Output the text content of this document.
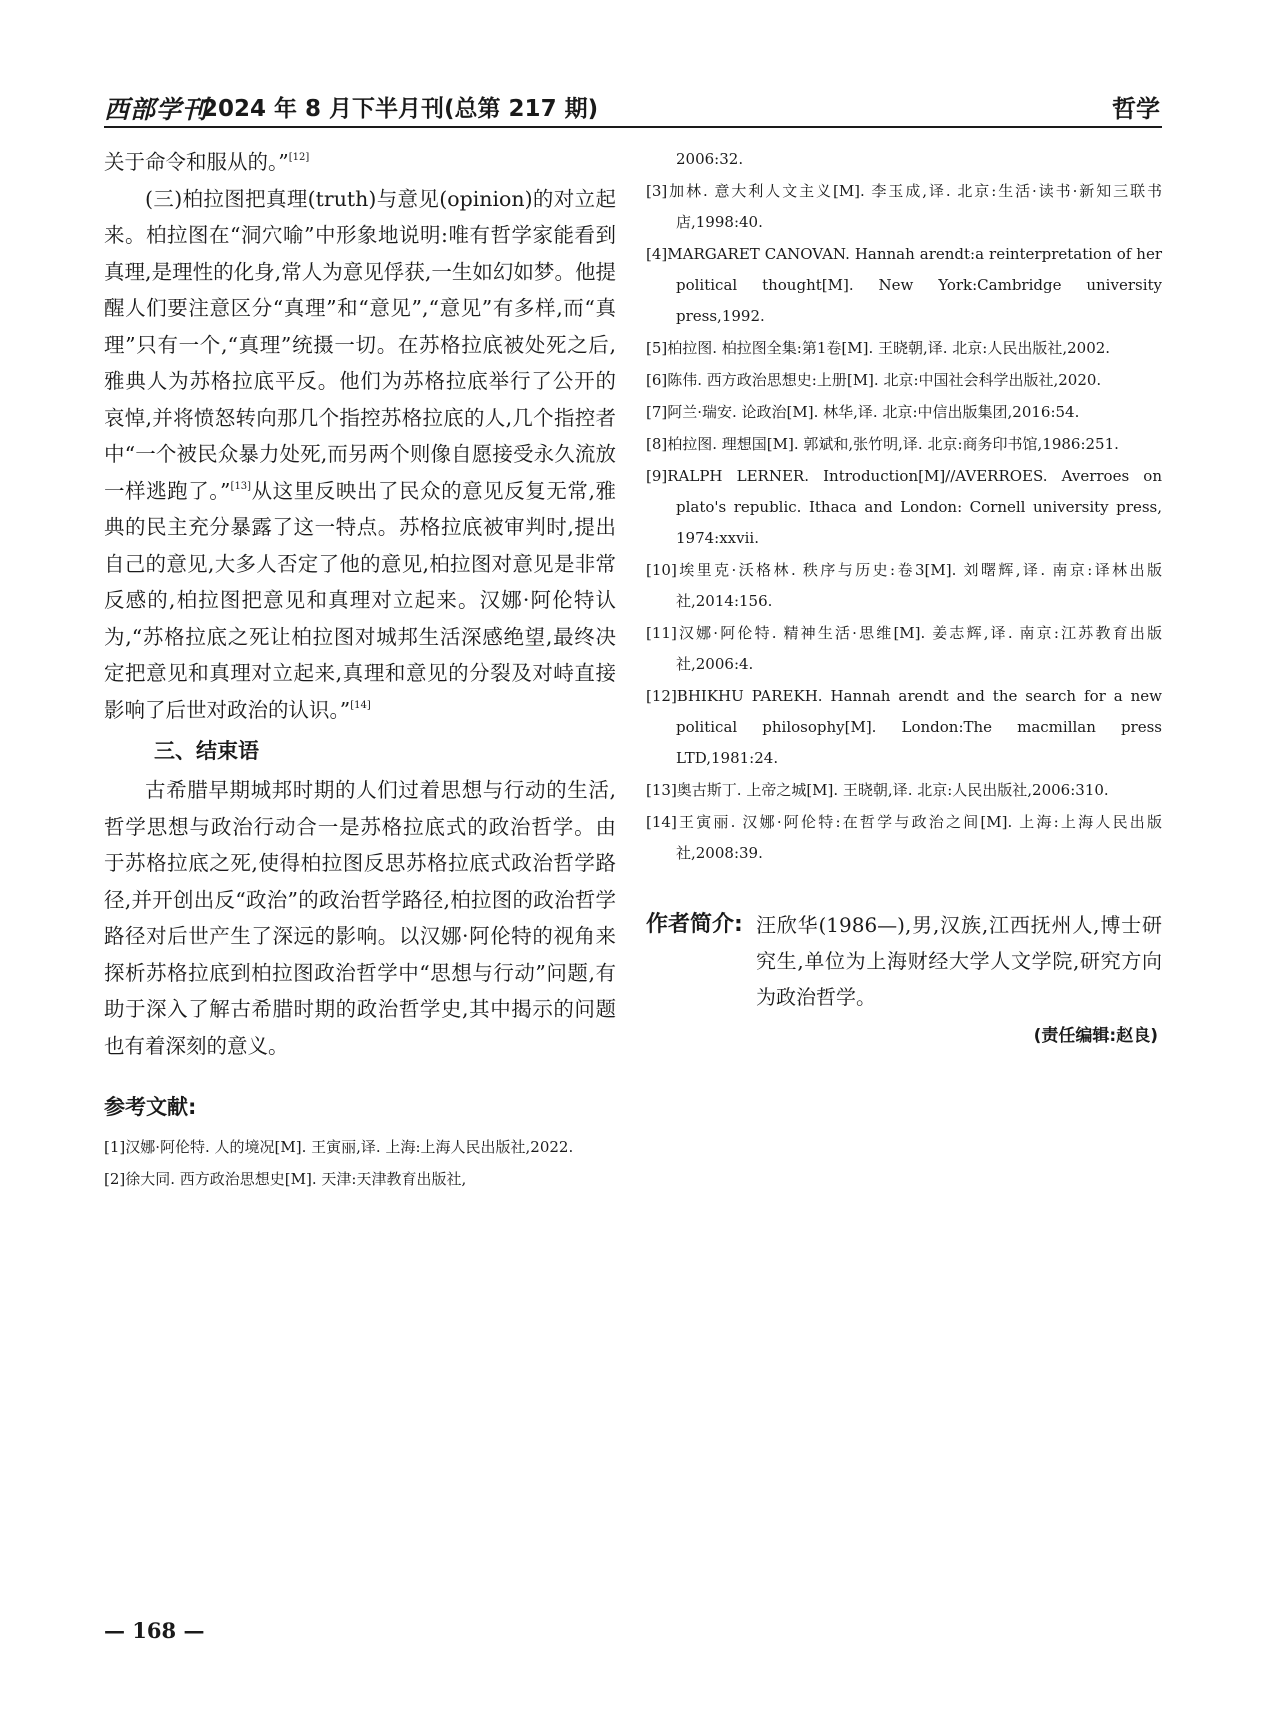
西部学刊
2024 年 8 月下半月刊(总第 217 期)	哲学

关于命令和服从的。”[12]

(三)柏拉图把真理(truth)与意见(opinion)的对立起来。柏拉图在“洞穴喻”中形象地说明:唯有哲学家能看到真理,是理性的化身,常人为意见俘获,一生如幻如梦。他提醒人们要注意区分“真理”和“意见”,“意见”有多样,而“真理”只有一个,“真理”统摄一切。在苏格拉底被处死之后,雅典人为苏格拉底平反。他们为苏格拉底举行了公开的哀悼,并将愤怒转向那几个指控苏格拉底的人,几个指控者中“一个被民众暴力处死,而另两个则像自愿接受永久流放一样逃跑了。”[13]从这里反映出了民众的意见反复无常,雅典的民主充分暴露了这一特点。苏格拉底被审判时,提出自己的意见,大多人否定了他的意见,柏拉图对意见是非常反感的,柏拉图把意见和真理对立起来。汉娜·阿伦特认为,“苏格拉底之死让柏拉图对城邦生活深感绝望,最终决定把意见和真理对立起来,真理和意见的分裂及对峙直接影响了后世对政治的认识。”[14]

三、结束语

古希腊早期城邦时期的人们过着思想与行动的生活,哲学思想与政治行动合一是苏格拉底式的政治哲学。由于苏格拉底之死,使得柏拉图反思苏格拉底式政治哲学路径,并开创出反“政治”的政治哲学路径,柏拉图的政治哲学路径对后世产生了深远的影响。以汉娜·阿伦特的视角来探析苏格拉底到柏拉图政治哲学中“思想与行动”问题,有助于深入了解古希腊时期的政治哲学史,其中揭示的问题也有着深刻的意义。

参考文献:

[1]汉娜·阿伦特. 人的境况[M]. 王寅丽,译. 上海:上海人民出版社,2022.

[2]徐大同. 西方政治思想史[M]. 天津:天津教育出版社,

2006:32.

[3]加林. 意大利人文主义[M]. 李玉成,译. 北京:生活·读书·新知三联书店,1998:40.

[4]MARGARET CANOVAN. Hannah arendt:a reinterpretation of her political thought[M]. New York:Cambridge university press,1992.

[5]柏拉图. 柏拉图全集:第1卷[M]. 王晓朝,译. 北京:人民出版社,2002.

[6]陈伟. 西方政治思想史:上册[M]. 北京:中国社会科学出版社,2020.

[7]阿兰·瑞安. 论政治[M]. 林华,译. 北京:中信出版集团,2016:54.

[8]柏拉图. 理想国[M]. 郭斌和,张竹明,译. 北京:商务印书馆,1986:251.

[9]RALPH LERNER. Introduction[M]//AVERROES. Averroes on plato's republic. Ithaca and London: Cornell university press, 1974:xxvii.

[10]埃里克·沃格林. 秩序与历史:卷3[M]. 刘曙辉,译. 南京:译林出版社,2014:156.

[11]汉娜·阿伦特. 精神生活·思维[M]. 姜志辉,译. 南京:江苏教育出版社,2006:4.

[12]BHIKHU PAREKH. Hannah arendt and the search for a new political philosophy[M]. London:The macmillan press LTD,1981:24.

[13]奥古斯丁. 上帝之城[M]. 王晓朝,译. 北京:人民出版社,2006:310.

[14]王寅丽. 汉娜·阿伦特:在哲学与政治之间[M]. 上海:上海人民出版社,2008:39.

作者简介: 汪欣华(1986—),男,汉族,江西抚州人,博士研究生,单位为上海财经大学人文学院,研究方向为政治哲学。
(责任编辑:赵良)
— 168 —
